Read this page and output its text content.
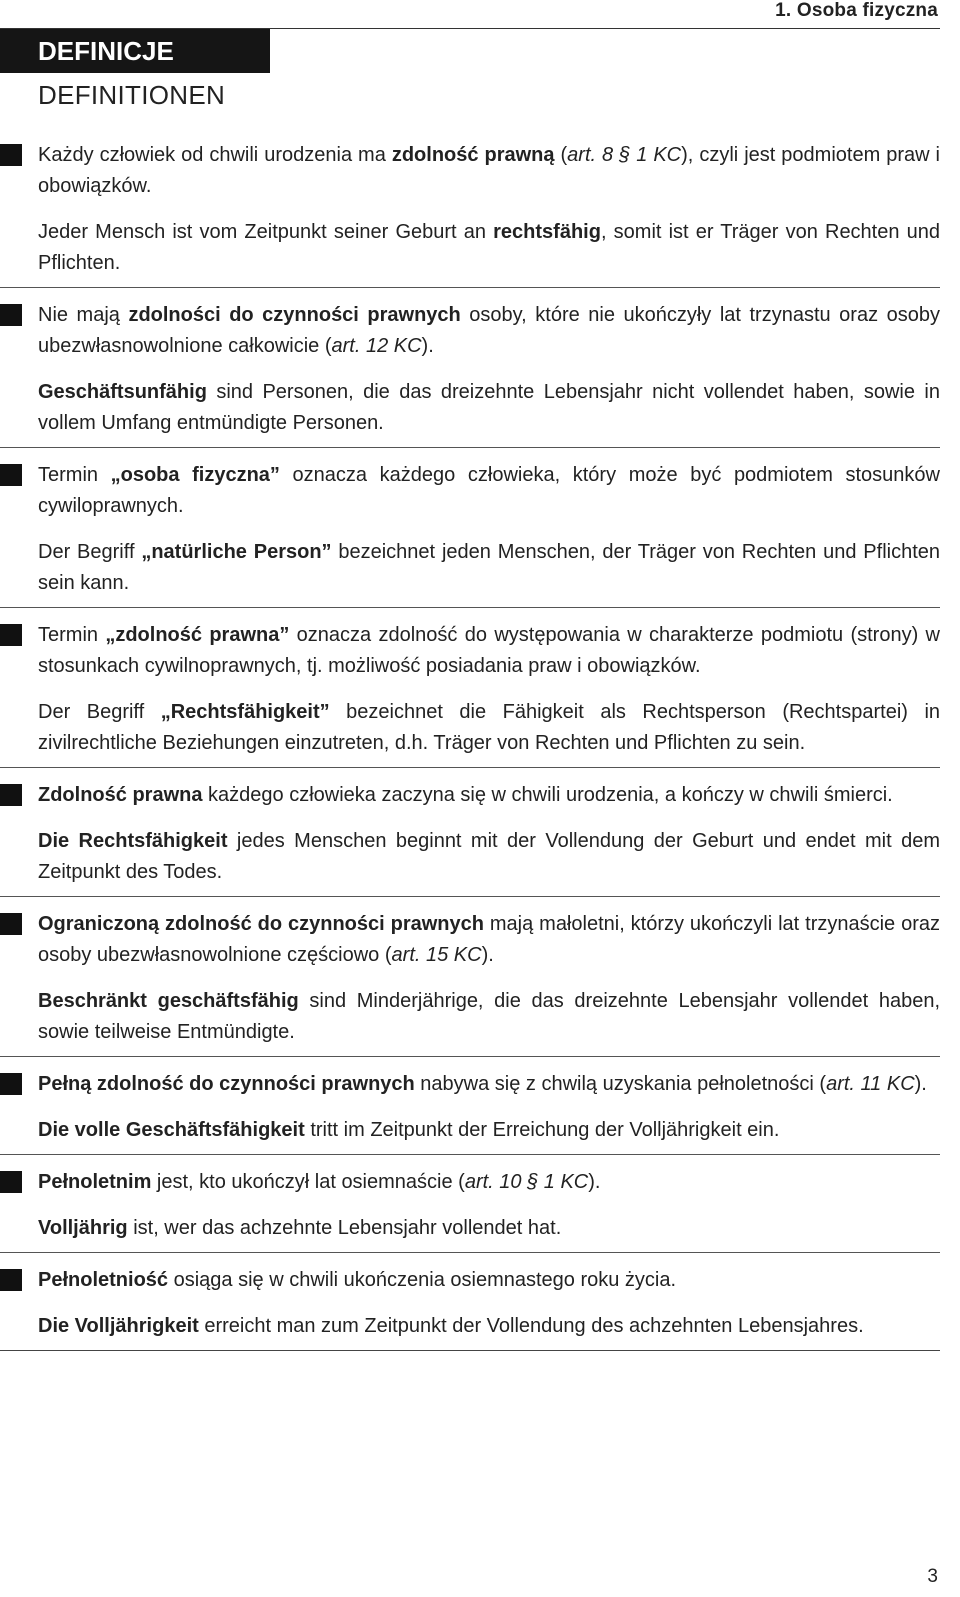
1. Osoba fizyczna
DEFINICJE
DEFINITIONEN

Każdy człowiek od chwili urodzenia ma zdolność prawną (art. 8 § 1 KC), czyli jest podmiotem praw i obowiązków.

Jeder Mensch ist vom Zeitpunkt seiner Geburt an rechtsfähig, somit ist er Träger von Rechten und Pflichten.

Nie mają zdolności do czynności prawnych osoby, które nie ukończyły lat trzynastu oraz osoby ubezwłasnowolnione całkowicie (art. 12 KC).

Geschäftsunfähig sind Personen, die das dreizehnte Lebensjahr nicht vollendet haben, sowie in vollem Umfang entmündigte Personen.

Termin „osoba fizyczna” oznacza każdego człowieka, który może być podmiotem stosunków cywiloprawnych.

Der Begriff „natürliche Person” bezeichnet jeden Menschen, der Träger von Rechten und Pflichten sein kann.

Termin „zdolność prawna” oznacza zdolność do występowania w charakterze podmiotu (strony) w stosunkach cywilnoprawnych, tj. możliwość posiadania praw i obowiązków.

Der Begriff „Rechtsfähigkeit” bezeichnet die Fähigkeit als Rechtsperson (Rechtspartei) in zivilrechtliche Beziehungen einzutreten, d.h. Träger von Rechten und Pflichten zu sein.

Zdolność prawna każdego człowieka zaczyna się w chwili urodzenia, a kończy w chwili śmierci.

Die Rechtsfähigkeit jedes Menschen beginnt mit der Vollendung der Geburt und endet mit dem Zeitpunkt des Todes.

Ograniczoną zdolność do czynności prawnych mają małoletni, którzy ukończyli lat trzynaście oraz osoby ubezwłasnowolnione częściowo (art. 15 KC).

Beschränkt geschäftsfähig sind Minderjährige, die das dreizehnte Lebensjahr vollendet haben, sowie teilweise Entmündigte.

Pełną zdolność do czynności prawnych nabywa się z chwilą uzyskania pełnoletności (art. 11 KC).

Die volle Geschäftsfähigkeit tritt im Zeitpunkt der Erreichung der Volljährigkeit ein.

Pełnoletnim jest, kto ukończył lat osiemnaście (art. 10 § 1 KC).

Volljährig ist, wer das achzehnte Lebensjahr vollendet hat.

Pełnoletniość osiąga się w chwili ukończenia osiemnastego roku życia.

Die Volljährigkeit erreicht man zum Zeitpunkt der Vollendung des achzehnten Lebensjahres.

3
